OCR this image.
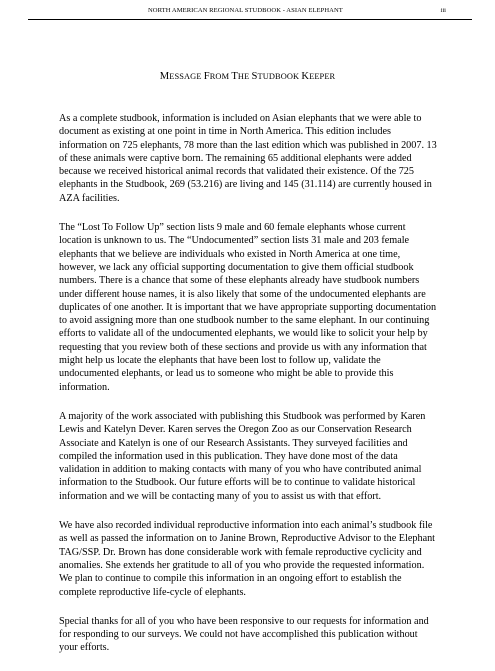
NORTH AMERICAN REGIONAL STUDBOOK - ASIAN ELEPHANT	iii
MESSAGE FROM THE STUDBOOK KEEPER

As a complete studbook, information is included on Asian elephants that we were able to
document as existing at one point in time in North America. This edition includes
information on 725 elephants, 78 more than the last edition which was published in 2007. 13
of these animals were captive born. The remaining 65 additional elephants were added
because we received historical animal records that validated their existence. Of the 725
elephants in the Studbook, 269 (53.216) are living and 145 (31.114) are currently housed in
AZA facilities.

The “Lost To Follow Up” section lists 9 male and 60 female elephants whose current
location is unknown to us. The “Undocumented” section lists 31 male and 203 female
elephants that we believe are individuals who existed in North America at one time,
however, we lack any official supporting documentation to give them official studbook
numbers. There is a chance that some of these elephants already have studbook numbers
under different house names, it is also likely that some of the undocumented elephants are
duplicates of one another. It is important that we have appropriate supporting documentation
to avoid assigning more than one studbook number to the same elephant. In our continuing
efforts to validate all of the undocumented elephants, we would like to solicit your help by
requesting that you review both of these sections and provide us with any information that
might help us locate the elephants that have been lost to follow up, validate the
undocumented elephants, or lead us to someone who might be able to provide this
information.

A majority of the work associated with publishing this Studbook was performed by Karen
Lewis and Katelyn Dever. Karen serves the Oregon Zoo as our Conservation Research
Associate and Katelyn is one of our Research Assistants. They surveyed facilities and
compiled the information used in this publication. They have done most of the data
validation in addition to making contacts with many of you who have contributed animal
information to the Studbook. Our future efforts will be to continue to validate historical
information and we will be contacting many of you to assist us with that effort.

We have also recorded individual reproductive information into each animal’s studbook file
as well as passed the information on to Janine Brown, Reproductive Advisor to the Elephant
TAG/SSP. Dr. Brown has done considerable work with female reproductive cyclicity and
anomalies. She extends her gratitude to all of you who provide the requested information.
We plan to continue to compile this information in an ongoing effort to establish the
complete reproductive life-cycle of elephants.

Special thanks for all of you who have been responsive to our requests for information and
for responding to our surveys. We could not have accomplished this publication without
your efforts.
